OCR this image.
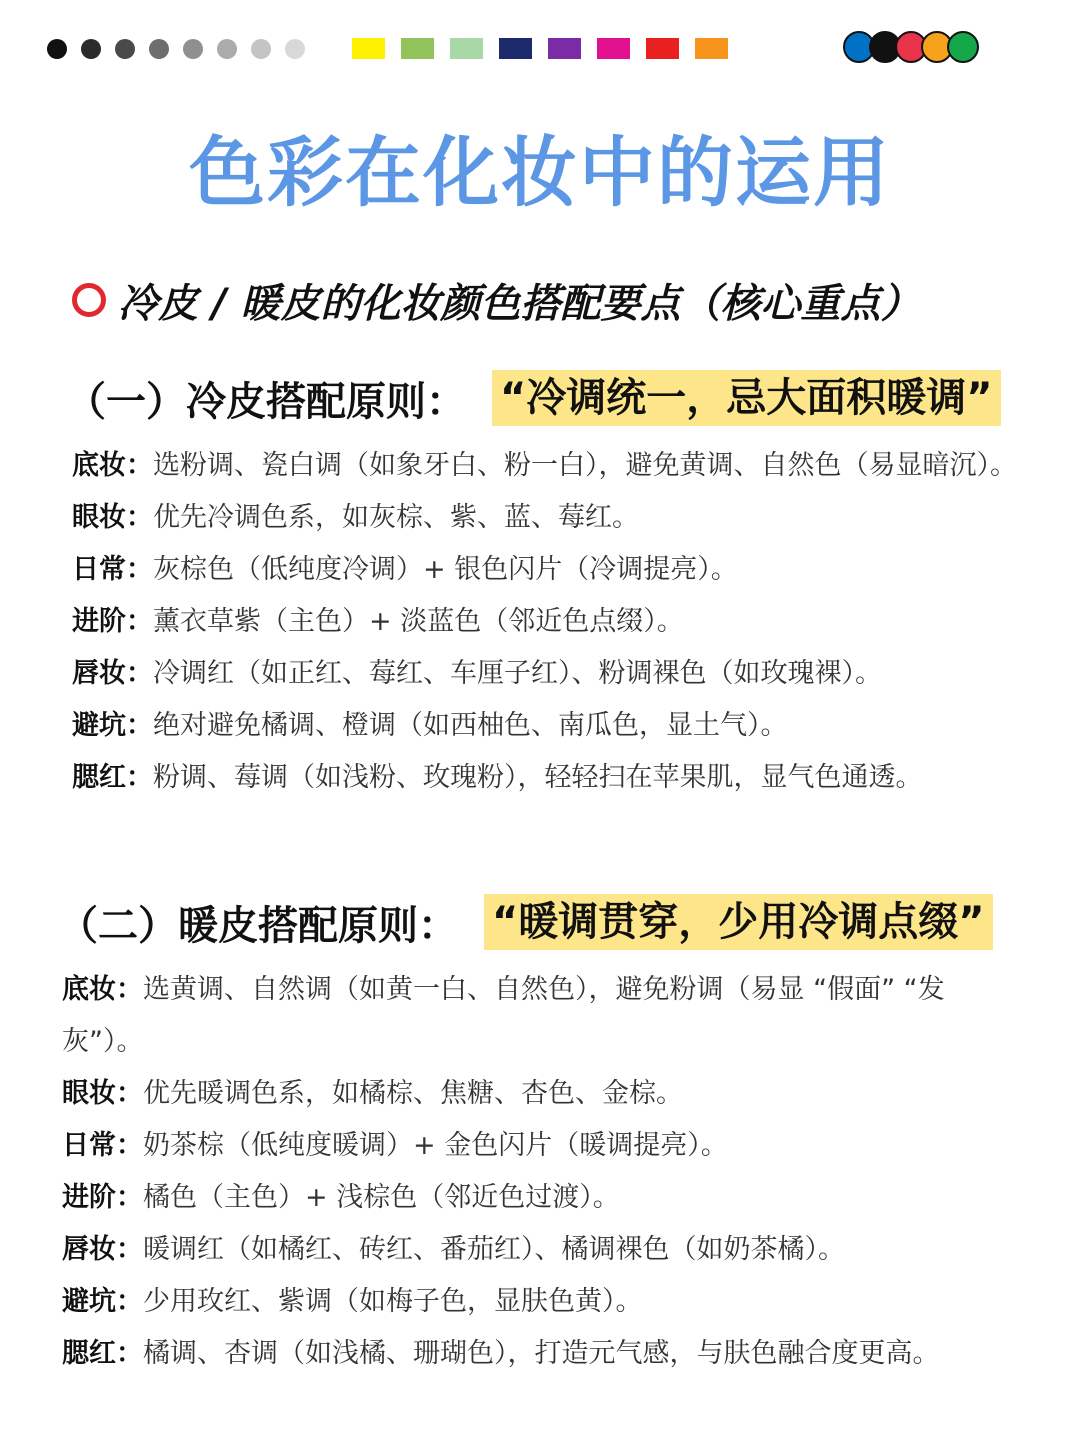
色彩在化妆中的运用
冷皮 / 暖皮的化妆颜色搭配要点（核心重点）
（一）冷皮搭配原则： “冷调统一，忌大面积暖调”

底妆：选粉调、瓷白调（如象牙白、粉一白），避免黄调、自然色（易显暗沉）。

眼妆：优先冷调色系，如灰棕、紫、蓝、莓红。

日常：灰棕色（低纯度冷调）+ 银色闪片（冷调提亮）。

进阶：薰衣草紫（主色）+ 淡蓝色（邻近色点缀）。

唇妆：冷调红（如正红、莓红、车厘子红）、粉调裸色（如玫瑰裸）。

避坑：绝对避免橘调、橙调（如西柚色、南瓜色，显土气）。

腮红：粉调、莓调（如浅粉、玫瑰粉），轻轻扫在苹果肌，显气色通透。

（二）暖皮搭配原则： “暖调贯穿，少用冷调点缀”

底妆：选黄调、自然调（如黄一白、自然色），避免粉调（易显 “假面” “发灰”）。

眼妆：优先暖调色系，如橘棕、焦糖、杏色、金棕。

日常：奶茶棕（低纯度暖调）+ 金色闪片（暖调提亮）。

进阶：橘色（主色）+ 浅棕色（邻近色过渡）。

唇妆：暖调红（如橘红、砖红、番茄红）、橘调裸色（如奶茶橘）。

避坑：少用玫红、紫调（如梅子色，显肤色黄）。

腮红：橘调、杏调（如浅橘、珊瑚色），打造元气感，与肤色融合度更高。
